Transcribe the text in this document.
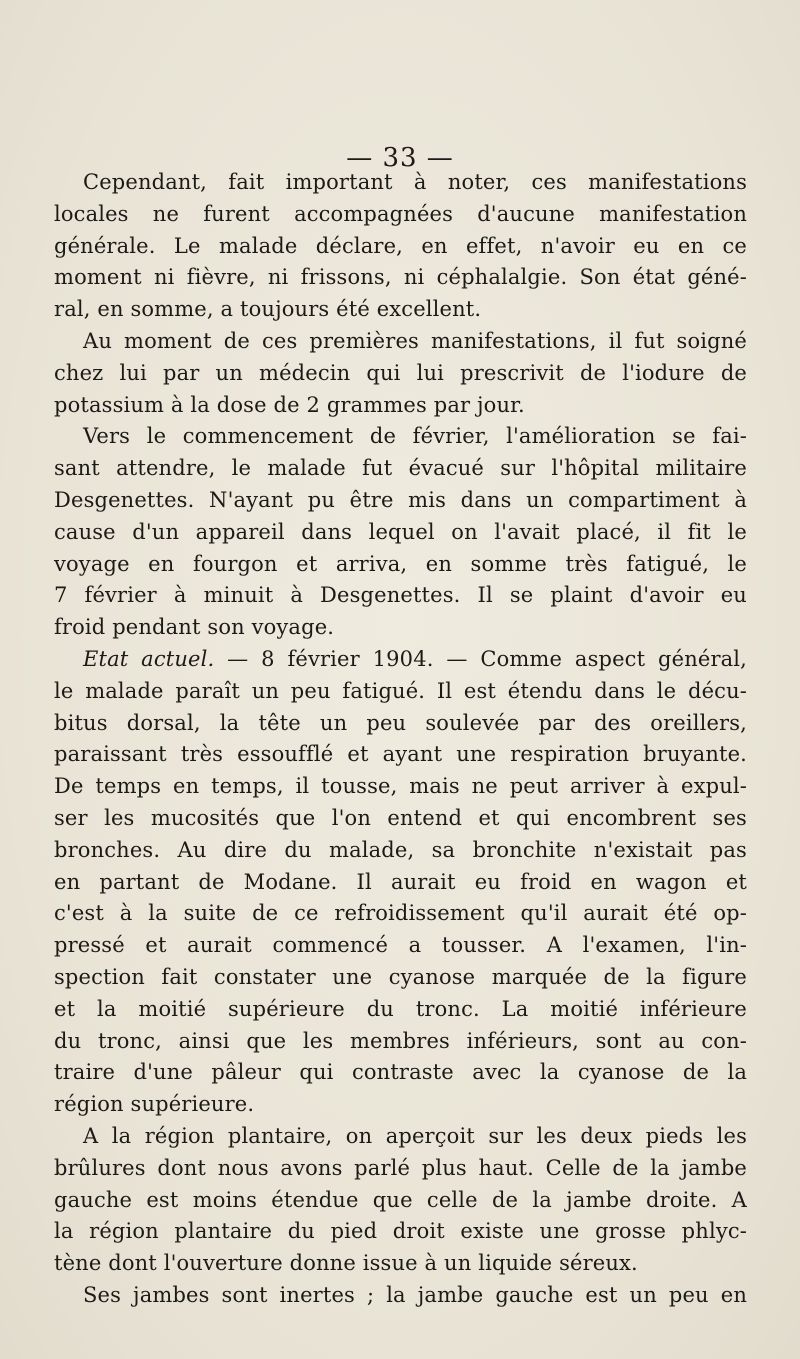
— 33 —
Cependant, fait important à noter, ces manifestations
locales ne furent accompagnées d'aucune manifestation
générale. Le malade déclare, en effet, n'avoir eu en ce
moment ni fièvre, ni frissons, ni céphalalgie. Son état géné-
ral, en somme, a toujours été excellent.
Au moment de ces premières manifestations, il fut soigné
chez lui par un médecin qui lui prescrivit de l'iodure de
potassium à la dose de 2 grammes par jour.
Vers le commencement de février, l'amélioration se fai-
sant attendre, le malade fut évacué sur l'hôpital militaire
Desgenettes. N'ayant pu être mis dans un compartiment à
cause d'un appareil dans lequel on l'avait placé, il fit le
voyage en fourgon et arriva, en somme très fatigué, le
7 février à minuit à Desgenettes. Il se plaint d'avoir eu
froid pendant son voyage.
Etat actuel. — 8 février 1904. — Comme aspect général,
le malade paraît un peu fatigué. Il est étendu dans le décu-
bitus dorsal, la tête un peu soulevée par des oreillers,
paraissant très essoufflé et ayant une respiration bruyante.
De temps en temps, il tousse, mais ne peut arriver à expul-
ser les mucosités que l'on entend et qui encombrent ses
bronches. Au dire du malade, sa bronchite n'existait pas
en partant de Modane. Il aurait eu froid en wagon et
c'est à la suite de ce refroidissement qu'il aurait été op-
pressé et aurait commencé a tousser. A l'examen, l'in-
spection fait constater une cyanose marquée de la figure
et la moitié supérieure du tronc. La moitié inférieure
du tronc, ainsi que les membres inférieurs, sont au con-
traire d'une pâleur qui contraste avec la cyanose de la
région supérieure.
A la région plantaire, on aperçoit sur les deux pieds les
brûlures dont nous avons parlé plus haut. Celle de la jambe
gauche est moins étendue que celle de la jambe droite. A
la région plantaire du pied droit existe une grosse phlyc-
tène dont l'ouverture donne issue à un liquide séreux.
Ses jambes sont inertes ; la jambe gauche est un peu en
